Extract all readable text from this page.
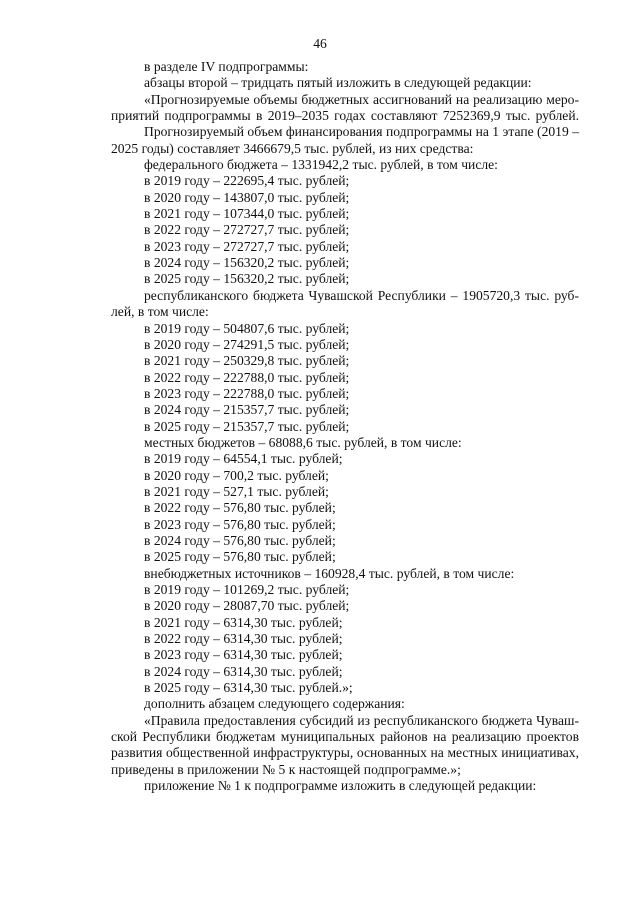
46
в разделе IV подпрограммы:
абзацы второй – тридцать пятый изложить в следующей редакции:
«Прогнозируемые объемы бюджетных ассигнований на реализацию меро-
приятий подпрограммы в 2019–2035 годах составляют 7252369,9 тыс. рублей.
Прогнозируемый объем финансирования подпрограммы на 1 этапе (2019 –
2025 годы) составляет 3466679,5 тыс. рублей, из них средства:
федерального бюджета – 1331942,2 тыс. рублей, в том числе:
в 2019 году – 222695,4 тыс. рублей;
в 2020 году – 143807,0 тыс. рублей;
в 2021 году – 107344,0 тыс. рублей;
в 2022 году – 272727,7 тыс. рублей;
в 2023 году – 272727,7 тыс. рублей;
в 2024 году – 156320,2 тыс. рублей;
в 2025 году – 156320,2 тыс. рублей;
республиканского бюджета Чувашской Республики – 1905720,3 тыс. руб-
лей, в том числе:
в 2019 году – 504807,6 тыс. рублей;
в 2020 году – 274291,5 тыс. рублей;
в 2021 году – 250329,8 тыс. рублей;
в 2022 году – 222788,0 тыс. рублей;
в 2023 году – 222788,0 тыс. рублей;
в 2024 году – 215357,7 тыс. рублей;
в 2025 году – 215357,7 тыс. рублей;
местных бюджетов – 68088,6 тыс. рублей, в том числе:
в 2019 году – 64554,1 тыс. рублей;
в 2020 году – 700,2 тыс. рублей;
в 2021 году – 527,1 тыс. рублей;
в 2022 году – 576,80 тыс. рублей;
в 2023 году – 576,80 тыс. рублей;
в 2024 году – 576,80 тыс. рублей;
в 2025 году – 576,80 тыс. рублей;
внебюджетных источников – 160928,4 тыс. рублей, в том числе:
в 2019 году – 101269,2 тыс. рублей;
в 2020 году – 28087,70 тыс. рублей;
в 2021 году – 6314,30 тыс. рублей;
в 2022 году – 6314,30 тыс. рублей;
в 2023 году – 6314,30 тыс. рублей;
в 2024 году – 6314,30 тыс. рублей;
в 2025 году – 6314,30 тыс. рублей.»;
дополнить абзацем следующего содержания:
«Правила предоставления субсидий из республиканского бюджета Чуваш-
ской Республики бюджетам муниципальных районов на реализацию проектов
развития общественной инфраструктуры, основанных на местных инициативах,
приведены в приложении № 5 к настоящей подпрограмме.»;
приложение № 1 к подпрограмме изложить в следующей редакции:
